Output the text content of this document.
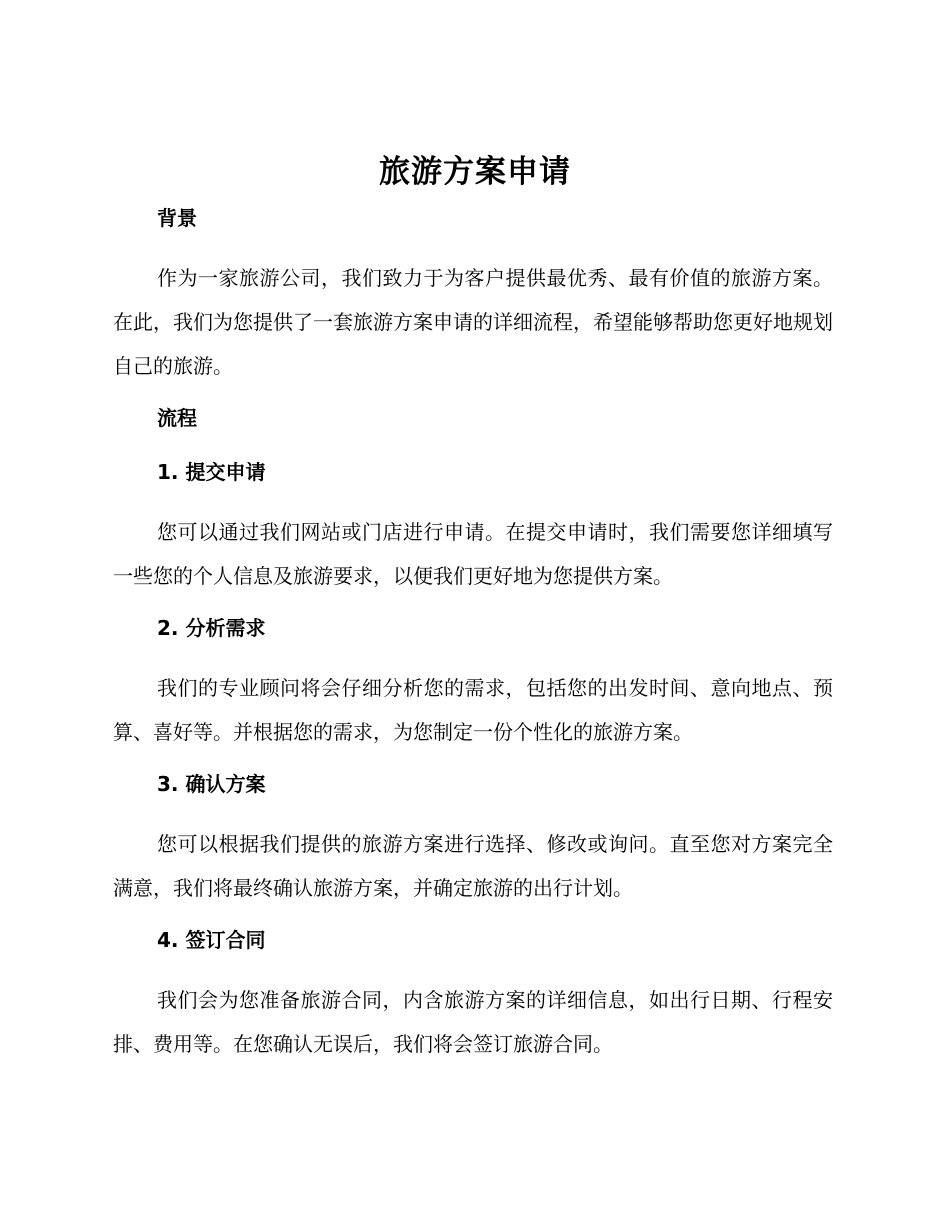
旅游方案申请
背景

作为一家旅游公司，我们致力于为客户提供最优秀、最有价值的旅游方案。在此，我们为您提供了一套旅游方案申请的详细流程，希望能够帮助您更好地规划自己的旅游。

流程
1. 提交申请

您可以通过我们网站或门店进行申请。在提交申请时，我们需要您详细填写一些您的个人信息及旅游要求，以便我们更好地为您提供方案。

2. 分析需求

我们的专业顾问将会仔细分析您的需求，包括您的出发时间、意向地点、预算、喜好等。并根据您的需求，为您制定一份个性化的旅游方案。

3. 确认方案

您可以根据我们提供的旅游方案进行选择、修改或询问。直至您对方案完全满意，我们将最终确认旅游方案，并确定旅游的出行计划。

4. 签订合同

我们会为您准备旅游合同，内含旅游方案的详细信息，如出行日期、行程安排、费用等。在您确认无误后，我们将会签订旅游合同。
